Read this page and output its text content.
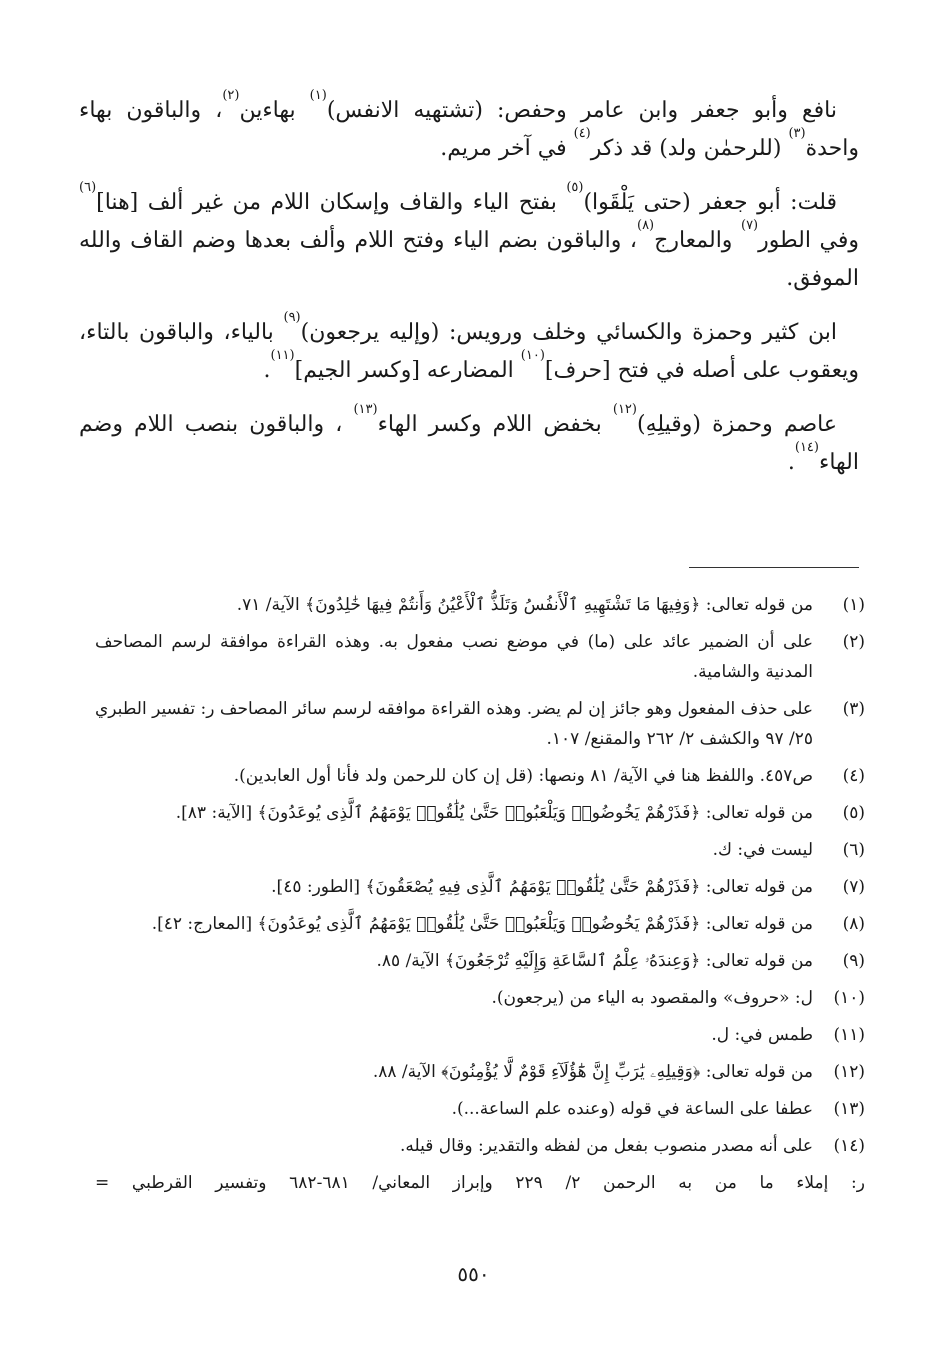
نافع وأبو جعفر وابن عامر وحفص: (تشتهيه الانفس)$^{(١)}$ بهاءين$^{(٢)}$، والباقون بهاء واحدة$^{(٣)}$ (للرحمٰن ولد) قد ذكر$^{(٤)}$ في آخر مريم.

قلت: أبو جعفر (حتى يَلْقَوا)$^{(٥)}$ بفتح الياء والقاف وإسكان اللام من غير ألف [هنا]$^{(٦)}$ وفي الطور$^{(٧)}$ والمعارج$^{(٨)}$، والباقون بضم الياء وفتح اللام وألف بعدها وضم القاف والله الموفق.

ابن كثير وحمزة والكسائي وخلف ورويس: (وإليه يرجعون)$^{(٩)}$ بالياء، والباقون بالتاء، ويعقوب على أصله في فتح [حرف]$^{(١٠)}$ المضارعه [وكسر الجيم]$^{(١١)}$.

عاصم وحمزة (وقيلِهِ)$^{(١٢)}$ بخفض اللام وكسر الهاء$^{(١٣)}$ ، والباقون بنصب اللام وضم الهاء$^{(١٤)}$.

(١)
من قوله تعالى: ﴿وَفِيهَا مَا تَشْتَهِيهِ ٱلْأَنفُسُ وَتَلَذُّ ٱلْأَعْيُنُ وَأَنتُمْ فِيهَا خَٰلِدُونَ﴾ الآية/ ٧١.
(٢)
على أن الضمير عائد على (ما) في موضع نصب مفعول به. وهذه القراءة موافقة لرسم المصاحف المدنية والشامية.
(٣)
على حذف المفعول وهو جائز إن لم يضر. وهذه القراءة موافقه لرسم سائر المصاحف ر: تفسير الطبري ٢٥/ ٩٧ والكشف ٢/ ٢٦٢ والمقنع/ ١٠٧.
(٤)
ص٤٥٧. واللفظ هنا في الآية/ ٨١ ونصها: (قل إن كان للرحمن ولد فأنا أول العابدين).
(٥)
من قوله تعالى: ﴿فَذَرْهُمْ يَخُوضُوا۟ وَيَلْعَبُوا۟ حَتَّىٰ يُلَٰقُوا۟ يَوْمَهُمُ ٱلَّذِى يُوعَدُونَ﴾ [الآية: ٨٣].
(٦)
ليست في: ك.
(٧)
من قوله تعالى: ﴿فَذَرْهُمْ حَتَّىٰ يُلَٰقُوا۟ يَوْمَهُمُ ٱلَّذِى فِيهِ يُصْعَقُونَ﴾ [الطور: ٤٥].
(٨)
من قوله تعالى: ﴿فَذَرْهُمْ يَخُوضُوا۟ وَيَلْعَبُوا۟ حَتَّىٰ يُلَٰقُوا۟ يَوْمَهُمُ ٱلَّذِى يُوعَدُونَ﴾ [المعارج: ٤٢].
(٩)
من قوله تعالى: ﴿وَعِندَهُۥ عِلْمُ ٱلسَّاعَةِ وَإِلَيْهِ تُرْجَعُونَ﴾ الآية/ ٨٥.
(١٠)
ل: «حروف» والمقصود به الياء من (يرجعون).
(١١)
طمس في: ل.
(١٢)
من قوله تعالى: ﴿وَقِيلِهِۦ يَٰرَبِّ إِنَّ هَٰٓؤُلَآءِ قَوْمٌ لَّا يُؤْمِنُونَ﴾ الآية/ ٨٨.
(١٣)
عطفا على الساعة في قوله (وعنده علم الساعة...).
(١٤)
على أنه مصدر منصوب بفعل من لفظه والتقدير: وقال قيله.
ر: إملاء ما من به الرحمن ٢/ ٢٢٩ وإبراز المعاني/ ٦٨١-٦٨٢ وتفسير القرطبي =
٥٥٠
